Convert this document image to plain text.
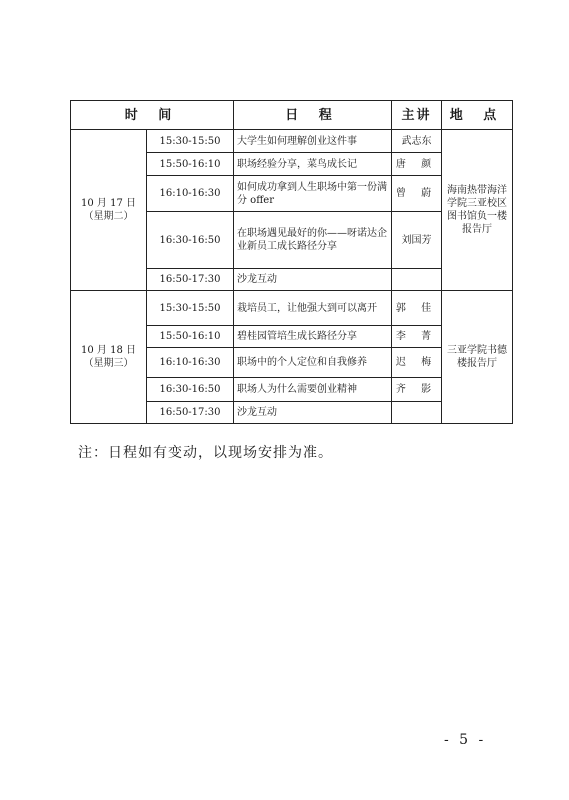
时 间		日 程	主讲	地 点

10 月 17 日
（星期二）	15:30-15:50	大学生如何理解创业这件事	武志东	海南热带海洋学院三亚校区图书馆负一楼报告厅
	15:50-16:10	职场经验分享，菜鸟成长记	唐 颜	
	16:10-16:30	如何成功拿到人生职场中第一份满分 offer	曾 蔚	
	16:30-16:50	在职场遇见最好的你——呀诺达企业新员工成长路径分享	刘国芳	
	16:50-17:30	沙龙互动		

10 月 18 日
（星期三）	15:30-15:50	栽培员工，让他强大到可以离开	郭 佳	三亚学院书德楼报告厅
	15:50-16:10	碧桂园管培生成长路径分享	李 菁	
	16:10-16:30	职场中的个人定位和自我修养	迟 梅	
	16:30-16:50	职场人为什么需要创业精神	齐 影	
	16:50-17:30	沙龙互动		
注：日程如有变动，以现场安排为准。
- 5 -
